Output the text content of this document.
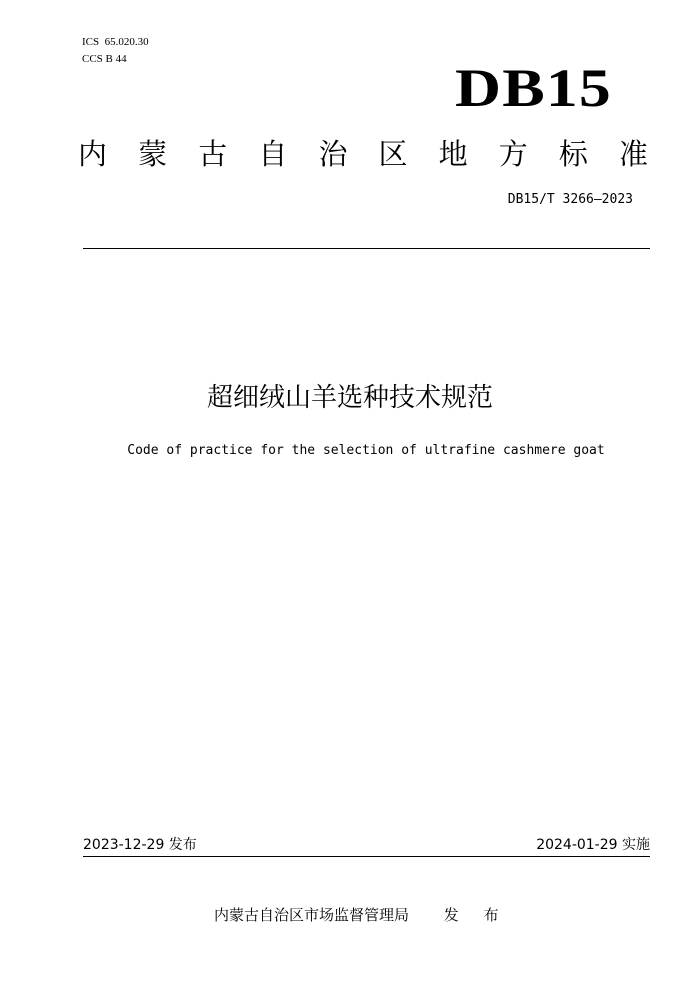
ICS  65.020.30
CCS B 44	DB15
内 蒙 古 自 治 区 地 方 标 准
DB15/T 3266—2023
超细绒山羊选种技术规范
Code of practice for the selection of ultrafine cashmere goat
2023-12-29 发布	2024-01-29 实施
内蒙古自治区市场监督管理局 发 布
